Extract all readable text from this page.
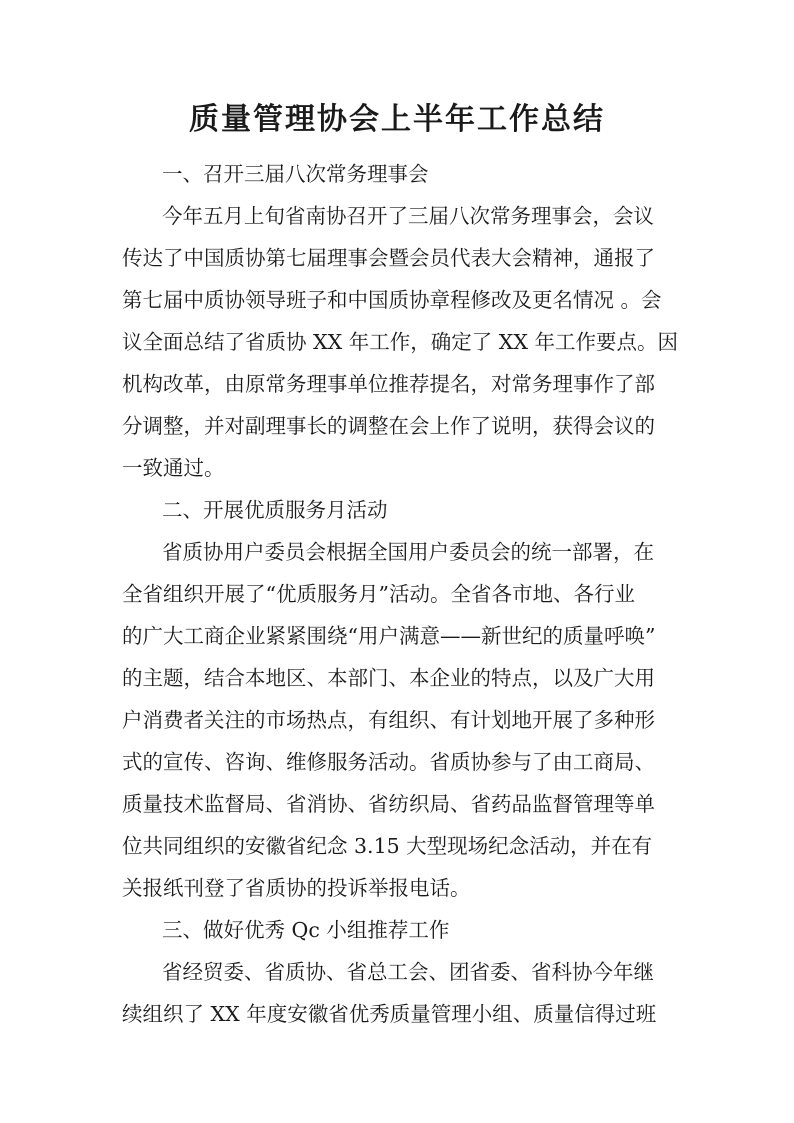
质量管理协会上半年工作总结
一、召开三届八次常务理事会
今年五月上旬省南协召开了三届八次常务理事会，会议
传达了中国质协第七届理事会暨会员代表大会精神，通报了
第七届中质协领导班子和中国质协章程修改及更名情况 。会
议全面总结了省质协 XX 年工作，确定了 XX 年工作要点。因
机构改革，由原常务理事单位推荐提名，对常务理事作了部
分调整，并对副理事长的调整在会上作了说明，获得会议的
一致通过。
二、开展优质服务月活动
省质协用户委员会根据全国用户委员会的统一部署，在
全省组织开展了“优质服务月”活动。全省各市地、各行业
的广大工商企业紧紧围绕“用户满意——新世纪的质量呼唤”
的主题，结合本地区、本部门、本企业的特点，以及广大用
户消费者关注的市场热点，有组织、有计划地开展了多种形
式的宣传、咨询、维修服务活动。省质协参与了由工商局、
质量技术监督局、省消协、省纺织局、省药品监督管理等单
位共同组织的安徽省纪念 3.15 大型现场纪念活动，并在有
关报纸刊登了省质协的投诉举报电话。
三、做好优秀 Qc 小组推荐工作
省经贸委、省质协、省总工会、团省委、省科协今年继
续组织了 XX 年度安徽省优秀质量管理小组、质量信得过班
